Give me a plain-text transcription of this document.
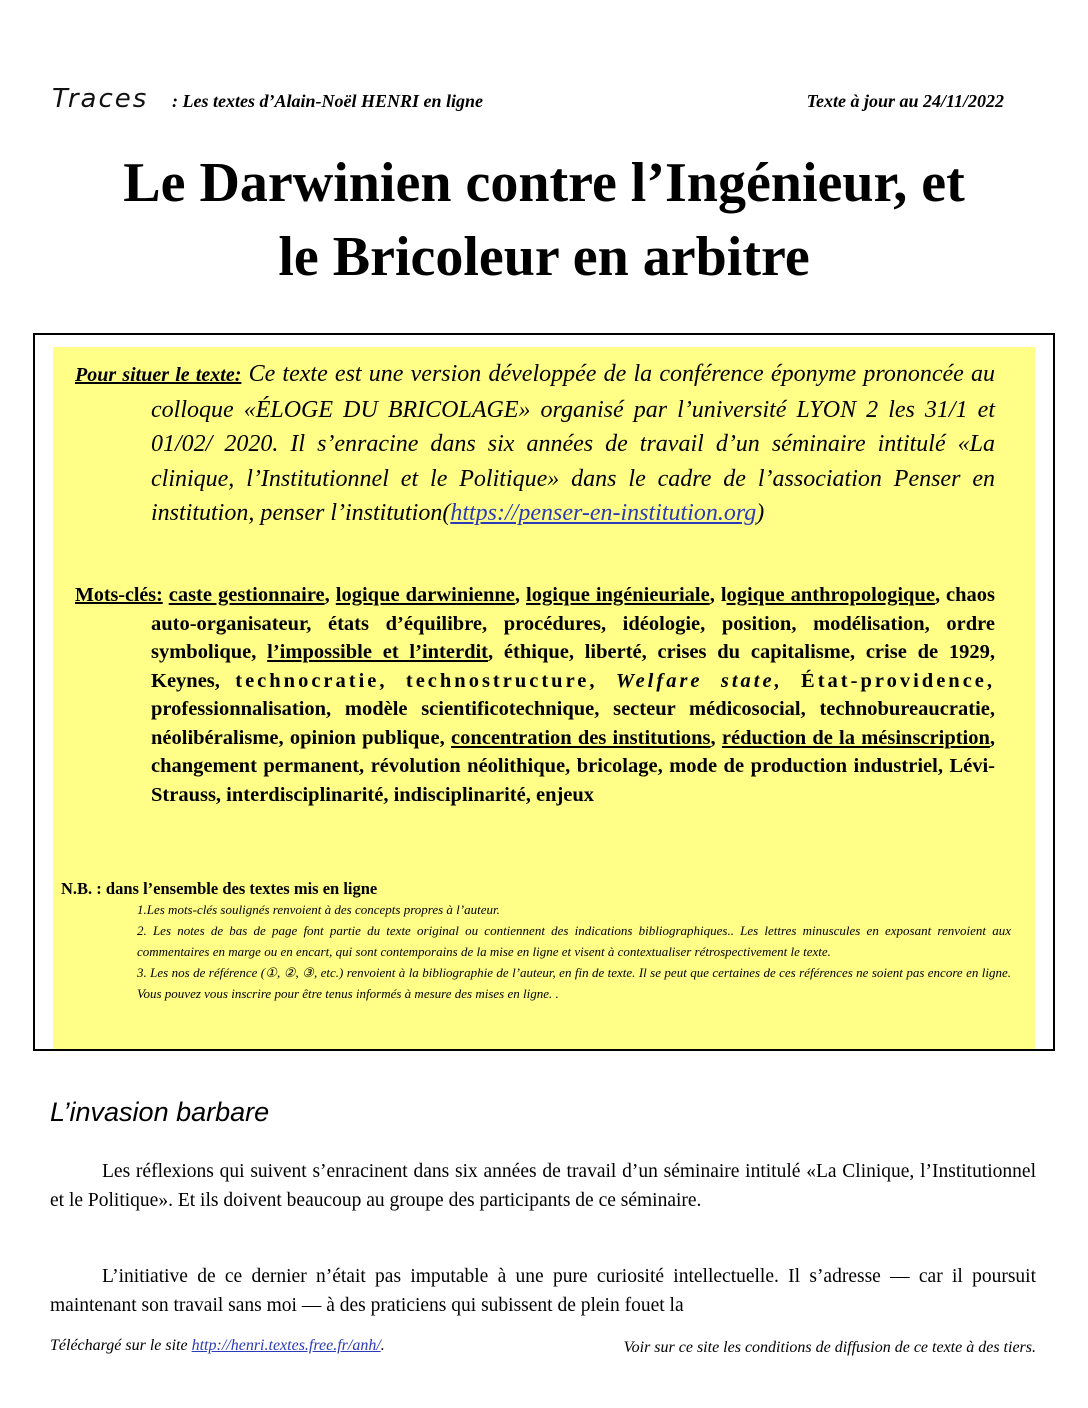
Traces : Les textes d’Alain-Noël HENRI en ligne	Texte à jour au 24/11/2022
Le Darwinien contre l’Ingénieur, et
le Bricoleur en arbitre
Pour situer le texte: Ce texte est une version développée de la conférence éponyme prononcée au colloque «ÉLOGE DU BRICOLAGE» organisé par l’université LYON 2 les 31/1 et 01/02/ 2020. Il s’enracine dans six années de travail d’un séminaire intitulé «La clinique, l’Institutionnel et le Politique» dans le cadre de l’association Penser en institution, penser l’institution(https://penser-en-institution.org)
Mots-clés: caste gestionnaire, logique darwinienne, logique ingénieuriale, logique anthropologique, chaos auto-organisateur, états d’équilibre, procédures, idéologie, position, modélisation, ordre symbolique, l’impossible et l’interdit, éthique, liberté, crises du capitalisme, crise de 1929, Keynes, technocratie, technostructure, Welfare state, État-providence, professionnalisation, modèle scientificotechnique, secteur médicosocial, technobureaucratie, néolibéralisme, opinion publique, concentration des institutions, réduction de la mésinscription, changement permanent, révolution néolithique, bricolage, mode de production industriel, Lévi-Strauss, interdisciplinarité, indisciplinarité, enjeux
N.B. : dans l’ensemble des textes mis en ligne
1.Les mots-clés soulignés renvoient à des concepts propres à l’auteur.
2. Les notes de bas de page font partie du texte original ou contiennent des indications bibliographiques.. Les lettres minuscules en exposant renvoient aux commentaires en marge ou en encart, qui sont contemporains de la mise en ligne et visent à contextualiser rétrospectivement le texte.
3. Les nos de référence (①, ②, ③, etc.) renvoient à la bibliographie de l’auteur, en fin de texte. Il se peut que certaines de ces références ne soient pas encore en ligne. Vous pouvez vous inscrire pour être tenus informés à mesure des mises en ligne. .
L’invasion barbare

Les réflexions qui suivent s’enracinent dans six années de travail d’un séminaire intitulé «La Clinique, l’Institutionnel et le Politique». Et ils doivent beaucoup au groupe des participants de ce séminaire.

L’initiative de ce dernier n’était pas imputable à une pure curiosité intellectuelle. Il s’adresse — car il poursuit maintenant son travail sans moi — à des praticiens qui subissent de plein fouet la

Téléchargé sur le site http://henri.textes.free.fr/anh/.	Voir sur ce site les conditions de diffusion de ce texte à des tiers.
